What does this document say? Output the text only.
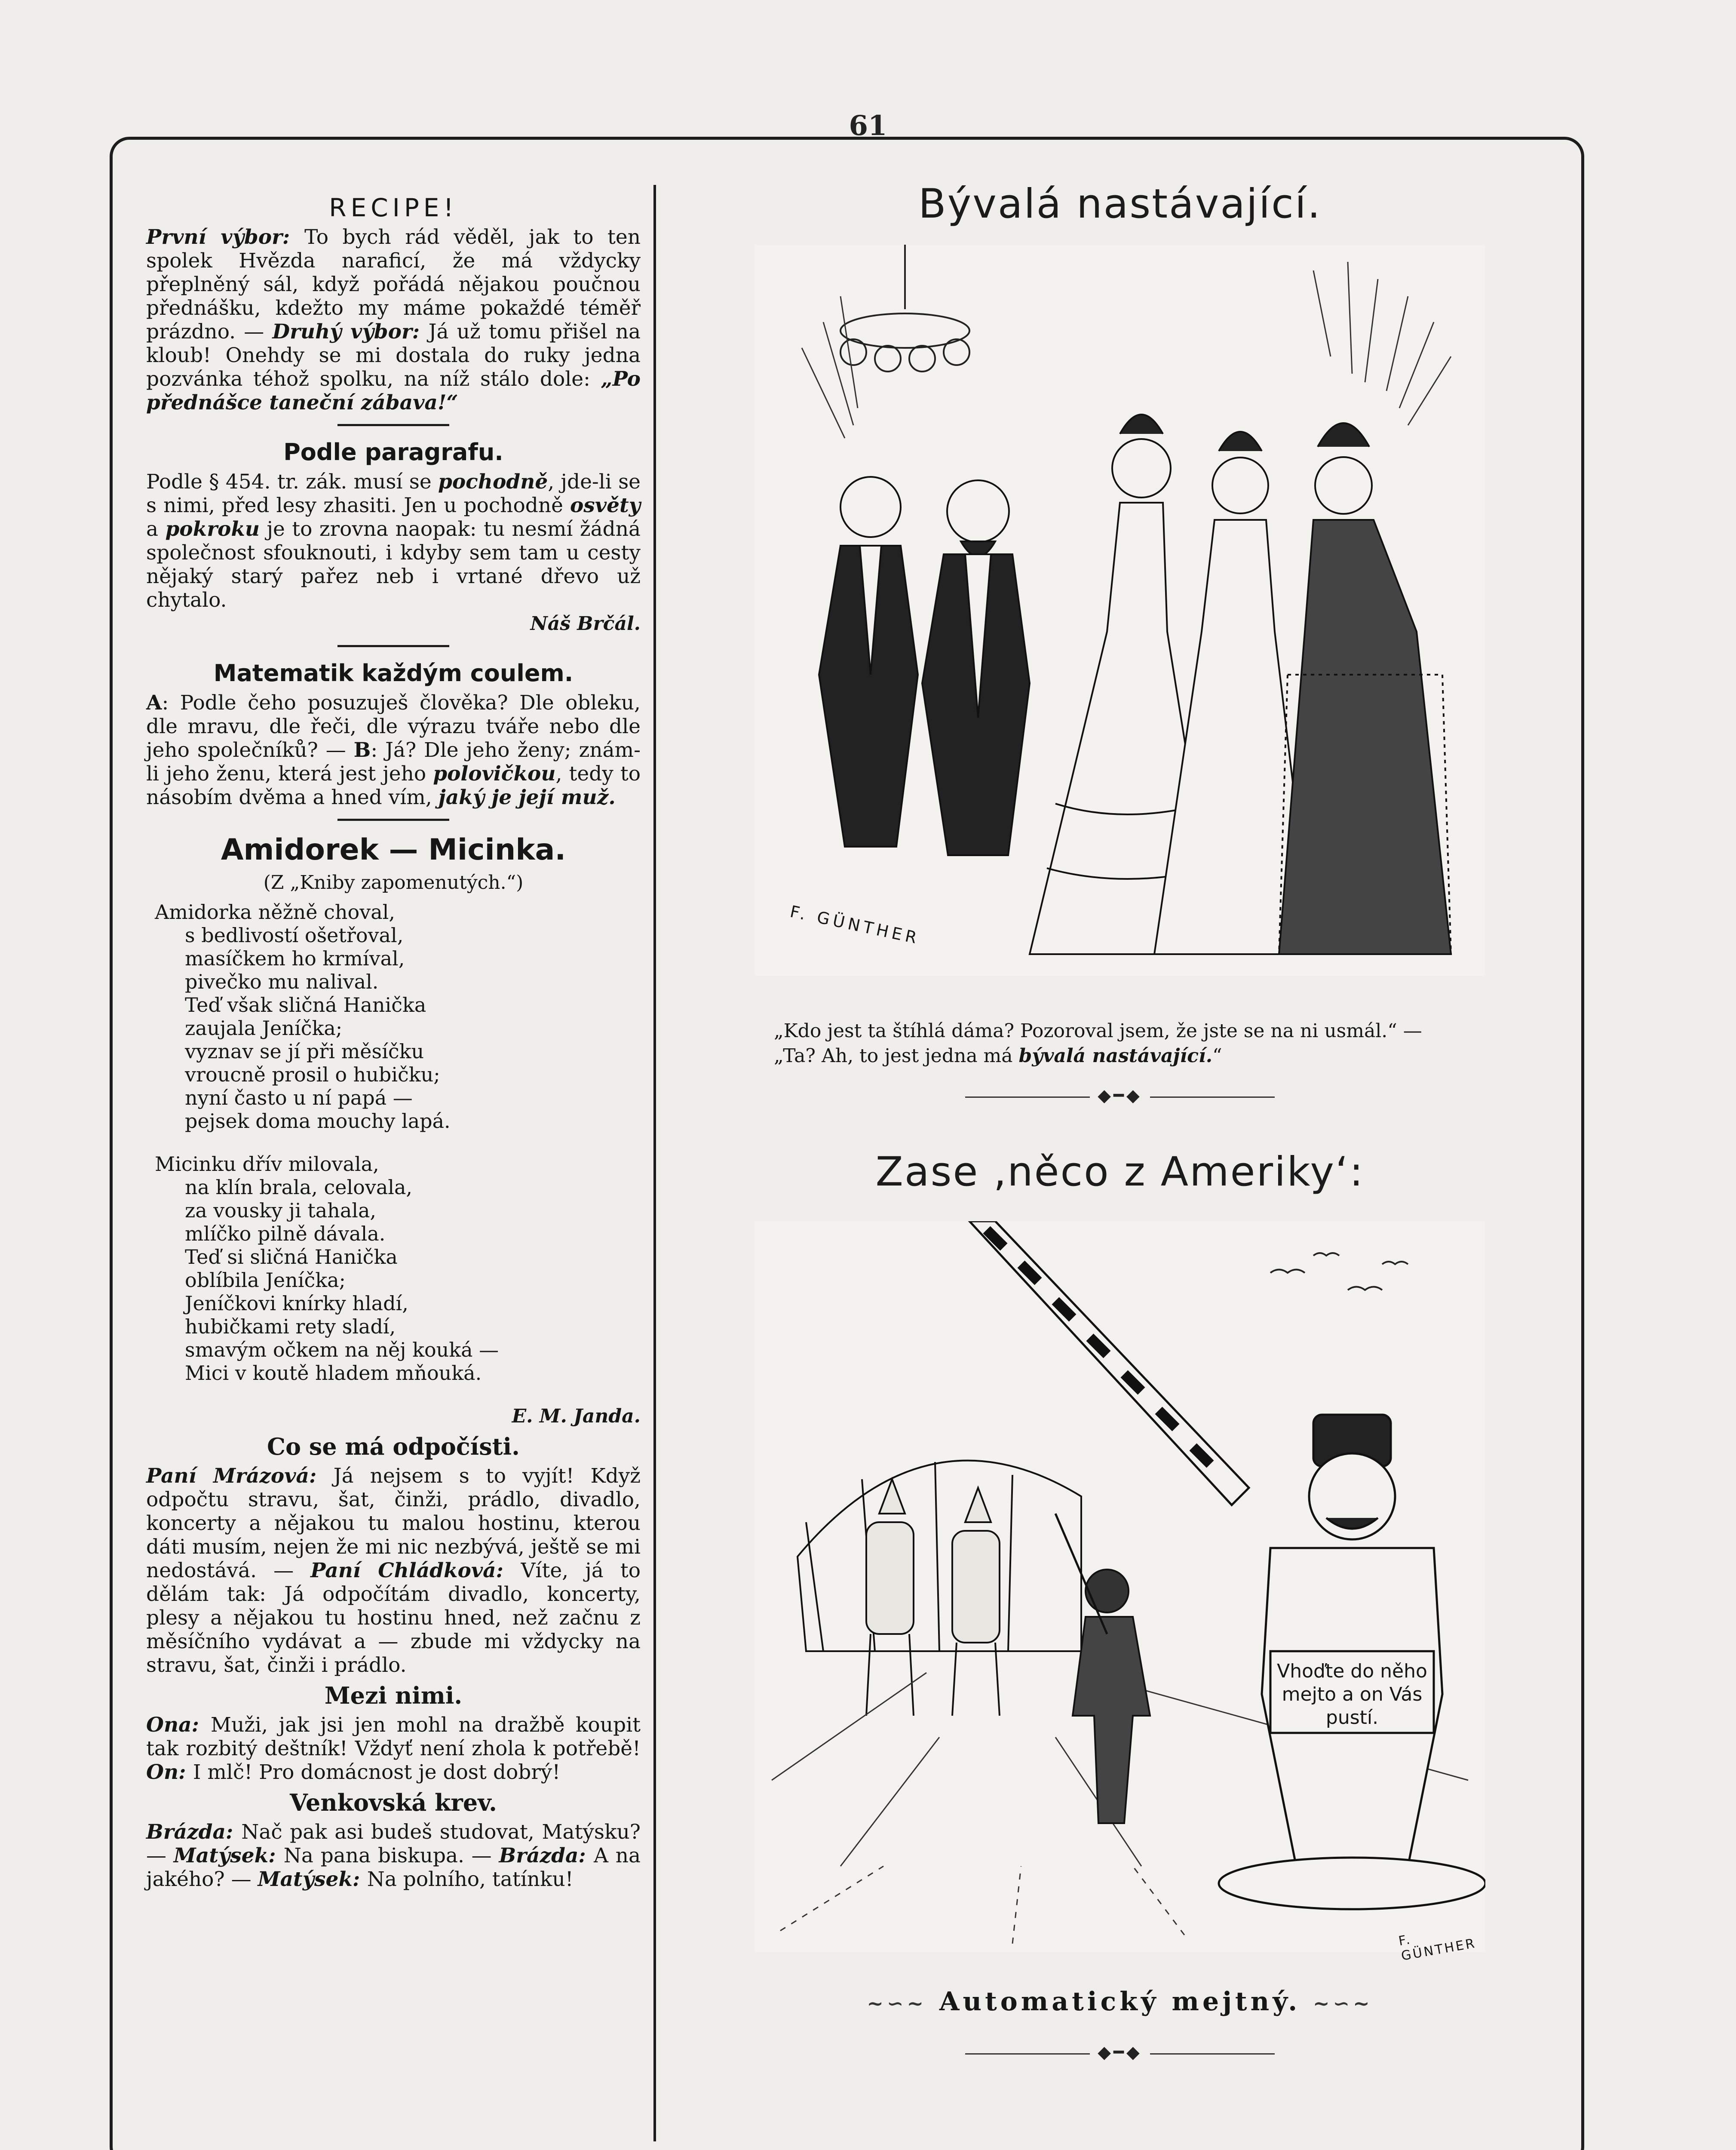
61
RECIPE!
První výbor: To bych rád věděl, jak to ten spolek Hvězda naraficí, že má vždycky přeplněný sál, když pořádá nějakou poučnou přednášku, kdežto my máme pokaždé téměř prázdno. — Druhý výbor: Já už tomu přišel na kloub! Onehdy se mi dostala do ruky jedna pozvánka téhož spolku, na níž stálo dole: „Po přednášce taneční zábava!“
Podle paragrafu.
Podle § 454. tr. zák. musí se pochodně, jde-li se s nimi, před lesy zhasiti. Jen u pochodně osvěty a pokroku je to zrovna naopak: tu nesmí žádná společnost sfouknouti, i kdyby sem tam u cesty nějaký starý pařez neb i vrtané dřevo už chytalo.
Náš Brčál.
Matematik každým coulem.
A: Podle čeho posuzuješ člověka? Dle obleku, dle mravu, dle řeči, dle výrazu tváře nebo dle jeho společníků? — B: Já? Dle jeho ženy; znám-li jeho ženu, která jest jeho polovičkou, tedy to násobím dvěma a hned vím, jaký je její muž.
Amidorek — Micinka.
(Z „Kniby zapomenutých.“)
Amidorka něžně choval,
s bedlivostí ošetřoval,
masíčkem ho krmíval,
pivečko mu nalival.
Teď však sličná Hanička
zaujala Jeníčka;
vyznav se jí při měsíčku
vroucně prosil o hubičku;
nyní často u ní papá —
pejsek doma mouchy lapá.
Micinku dřív milovala,
na klín brala, celovala,
za vousky ji tahala,
mlíčko pilně dávala.
Teď si sličná Hanička
oblíbila Jeníčka;
Jeníčkovi knírky hladí,
hubičkami rety sladí,
smavým očkem na něj kouká —
Mici v koutě hladem mňouká.
E. M. Janda.
Co se má odpočísti.
Paní Mrázová: Já nejsem s to vyjít! Když odpočtu stravu, šat, činži, prádlo, divadlo, koncerty a nějakou tu malou hostinu, kterou dáti musím, nejen že mi nic nezbývá, ještě se mi nedostává. — Paní Chládková: Víte, já to dělám tak: Já odpočítám divadlo, koncerty, plesy a nějakou tu hostinu hned, než začnu z měsíčního vydávat a — zbude mi vždycky na stravu, šat, činži i prádlo.
Mezi nimi.
Ona: Muži, jak jsi jen mohl na dražbě koupit tak rozbitý deštník! Vždyť není zhola k potřebě! On: I mlč! Pro domácnost je dost dobrý!
Venkovská krev.
Brázda: Nač pak asi budeš studovat, Matýsku? — Matýsek: Na pana biskupa. — Brázda: A na jakého? — Matýsek: Na polního, tatínku!
Bývalá nastávající.
F. GÜNTHER
„Kdo jest ta štíhlá dáma? Pozoroval jsem, že jste se na ni usmál.“ —
„Ta? Ah, to jest jedna má bývalá nastávající.“
◆━◆
Zase ‚něco z Ameriky‘:
Vhoďte do něho
mejto a on Vás
pustí.
F. GÜNTHER
~∽~ Automatický mejtný. ~∽~
◆━◆
